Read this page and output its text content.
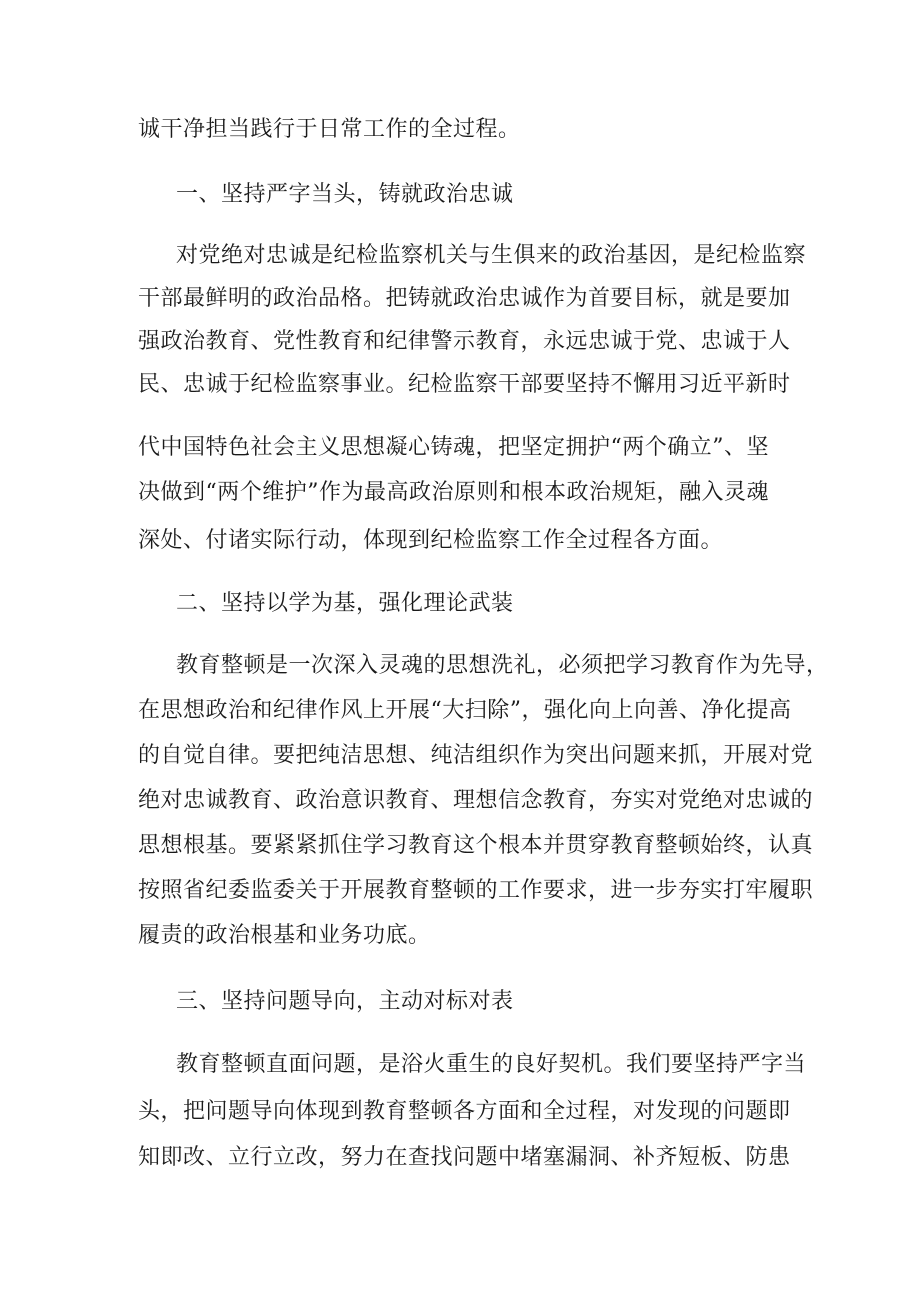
诚干净担当践行于日常工作的全过程。
一、坚持严字当头，铸就政治忠诚
对党绝对忠诚是纪检监察机关与生俱来的政治基因，是纪检监察
干部最鲜明的政治品格。把铸就政治忠诚作为首要目标，就是要加
强政治教育、党性教育和纪律警示教育，永远忠诚于党、忠诚于人
民、忠诚于纪检监察事业。纪检监察干部要坚持不懈用习近平新时
代中国特色社会主义思想凝心铸魂，把坚定拥护“两个确立”、坚
决做到“两个维护”作为最高政治原则和根本政治规矩，融入灵魂
深处、付诸实际行动，体现到纪检监察工作全过程各方面。
二、坚持以学为基，强化理论武装
教育整顿是一次深入灵魂的思想洗礼，必须把学习教育作为先导，
在思想政治和纪律作风上开展“大扫除”，强化向上向善、净化提高
的自觉自律。要把纯洁思想、纯洁组织作为突出问题来抓，开展对党
绝对忠诚教育、政治意识教育、理想信念教育，夯实对党绝对忠诚的
思想根基。要紧紧抓住学习教育这个根本并贯穿教育整顿始终，认真
按照省纪委监委关于开展教育整顿的工作要求，进一步夯实打牢履职
履责的政治根基和业务功底。
三、坚持问题导向，主动对标对表
教育整顿直面问题，是浴火重生的良好契机。我们要坚持严字当
头，把问题导向体现到教育整顿各方面和全过程，对发现的问题即
知即改、立行立改，努力在查找问题中堵塞漏洞、补齐短板、防患
